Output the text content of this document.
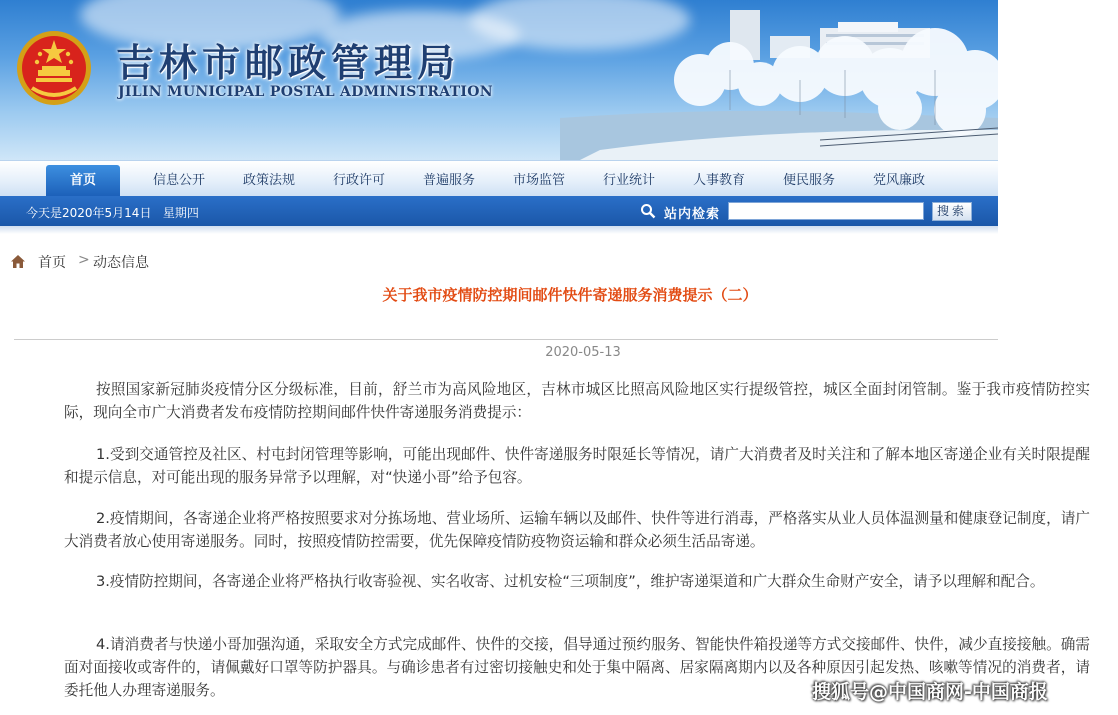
吉林市邮政管理局
JILIN MUNICIPAL POSTAL ADMINISTRATION
首页	信息公开	政策法规	行政许可	普遍服务	市场监管	行业统计	人事教育	便民服务	党风廉政
今天是2020年5月14日   星期四	站内检索	搜索
首页 > 动态信息
关于我市疫情防控期间邮件快件寄递服务消费提示（二）
2020-05-13

按照国家新冠肺炎疫情分区分级标准，目前，舒兰市为高风险地区，吉林市城区比照高风险地区实行提级管控，城区全面封闭管制。鉴于我市疫情防控实际，现向全市广大消费者发布疫情防控期间邮件快件寄递服务消费提示：

1.受到交通管控及社区、村屯封闭管理等影响，可能出现邮件、快件寄递服务时限延长等情况，请广大消费者及时关注和了解本地区寄递企业有关时限提醒和提示信息，对可能出现的服务异常予以理解，对“快递小哥”给予包容。

2.疫情期间，各寄递企业将严格按照要求对分拣场地、营业场所、运输车辆以及邮件、快件等进行消毒，严格落实从业人员体温测量和健康登记制度，请广大消费者放心使用寄递服务。同时，按照疫情防控需要，优先保障疫情防疫物资运输和群众必须生活品寄递。

3.疫情防控期间，各寄递企业将严格执行收寄验视、实名收寄、过机安检“三项制度”，维护寄递渠道和广大群众生命财产安全，请予以理解和配合。

4.请消费者与快递小哥加强沟通，采取安全方式完成邮件、快件的交接，倡导通过预约服务、智能快件箱投递等方式交接邮件、快件，减少直接接触。确需面对面接收或寄件的，请佩戴好口罩等防护器具。与确诊患者有过密切接触史和处于集中隔离、居家隔离期内以及各种原因引起发热、咳嗽等情况的消费者，请委托他人办理寄递服务。	搜狐号@中国商网-中国商报
